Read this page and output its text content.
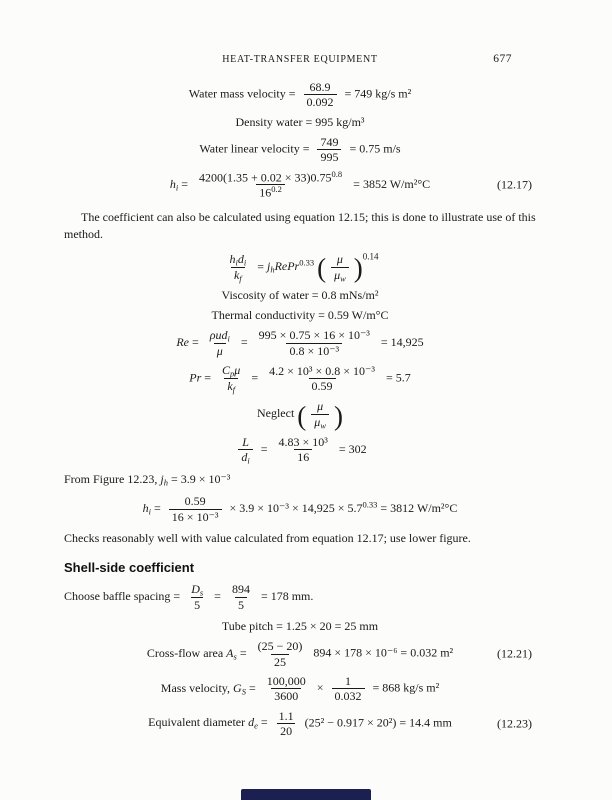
HEAT-TRANSFER EQUIPMENT	677
Water mass velocity = $\frac{68.9}{0.092} = 749$ kg/s m²
Density water = 995 kg/m³
Water linear velocity = $\frac{749}{995} = 0.75$ m/s
$h_i = \frac{4200(1.35 + 0.02 \times 33)0.75^{0.8}}{16^{0.2}} = 3852$ W/m²°C	(12.17)

The coefficient can also be calculated using equation 12.15; this is done to illustrate use of this method.

$\frac{h_id_i}{k_f}$ = $j_hRePr^{0.33}$ ( $\frac{\mu}{\mu_w} )^{0.14}$
Viscosity of water = 0.8 mNs/m²
Thermal conductivity = 0.59 W/m°C
$Re = \frac{\rho ud_i}{\mu} = \frac{\text{995 × 0.75 × 16 × 10⁻³}}{\text{0.8 × 10⁻³}} = 14,925$
$Pr = \frac{C_p\mu}{k_f} = \frac{\text{4.2 × 10³ × 0.8 × 10⁻³}}{0.59} = 5.7$
Neglect ( $\frac{\mu}{\mu_w}$ )
$\frac{L}{d_i} = \frac{\text{4.83 × 10³}}{16} = 302$
From Figure 12.23, $j_h = 3.9 \times 10^{-3}$
$h_i = \frac{0.59}{\text{16 × 10⁻³}} \times 3.9 \times 10^{-3} \times 14,925 \times 5.7^{0.33} = 3812$ W/m²°C

Checks reasonably well with value calculated from equation 12.17; use lower figure.

Shell-side coefficient
Choose baffle spacing = $\frac{D_s}{5} = \frac{894}{5} = 178$ mm.
Tube pitch = 1.25 × 20 = 25 mm
Cross-flow area $A_s = \frac{(25 - 20)}{25} 894 \times 178 \times 10^{-6} = 0.032$ m²	(12.21)
Mass velocity, $G_S = \frac{100,000}{3600} \times \frac{1}{0.032} = 868$ kg/s m²
Equivalent diameter $d_e = \frac{1.1}{20} (25^2 - 0.917 \times 20^2) = 14.4$ mm	(12.23)
